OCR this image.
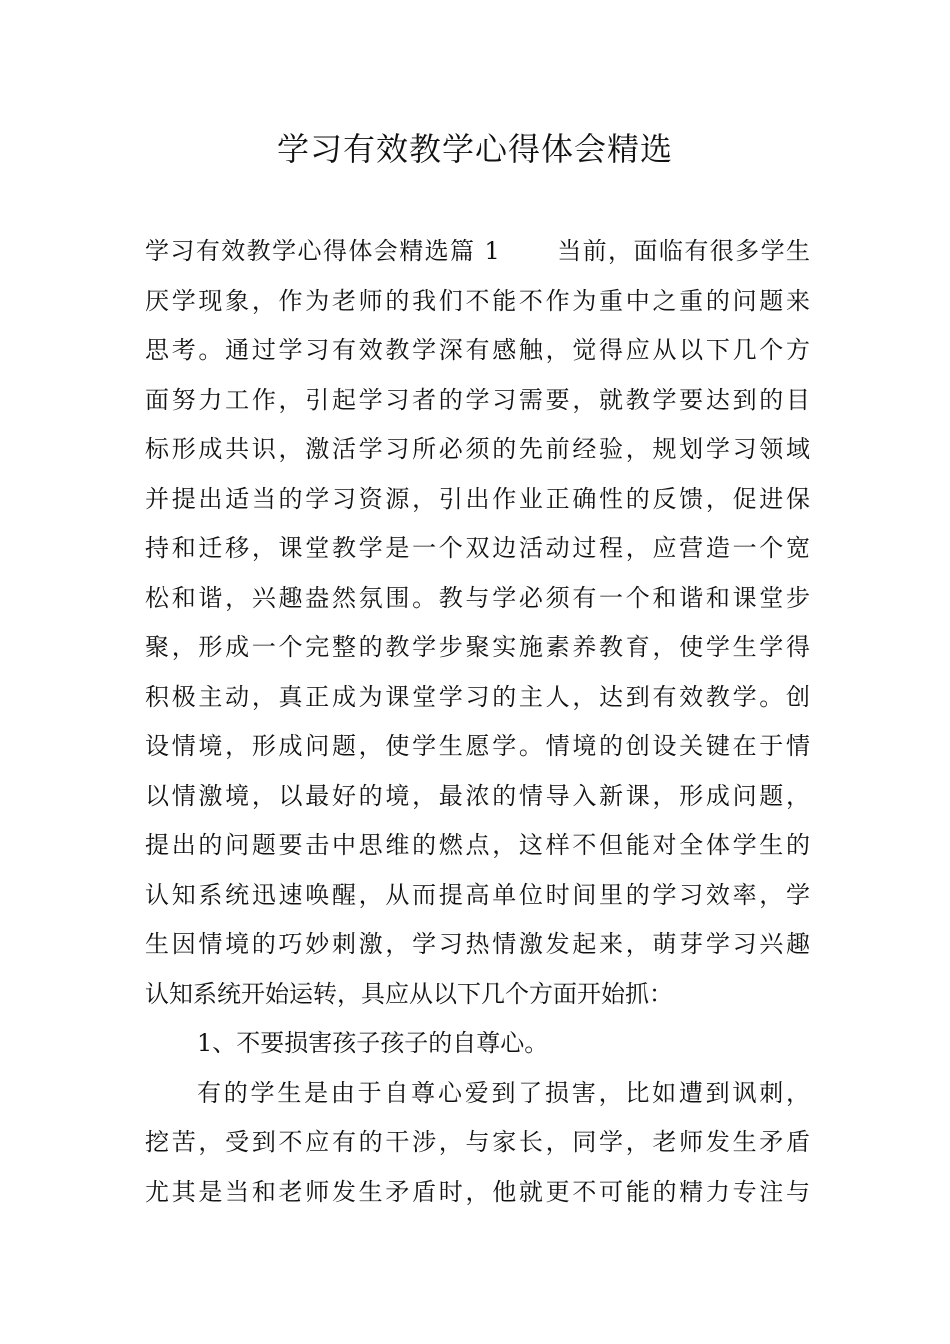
学习有效教学心得体会精选
学习有效教学心得体会精选篇 1 当前，面临有很多学生
厌学现象，作为老师的我们不能不作为重中之重的问题来
思考。通过学习有效教学深有感触，觉得应从以下几个方
面努力工作，引起学习者的学习需要，就教学要达到的目
标形成共识，激活学习所必须的先前经验，规划学习领域
并提出适当的学习资源，引出作业正确性的反馈，促进保
持和迁移，课堂教学是一个双边活动过程，应营造一个宽
松和谐，兴趣盎然氛围。教与学必须有一个和谐和课堂步
聚，形成一个完整的教学步聚实施素养教育，使学生学得
积极主动，真正成为课堂学习的主人，达到有效教学。创
设情境，形成问题，使学生愿学。情境的创设关键在于情
以情激境，以最好的境，最浓的情导入新课，形成问题，
提出的问题要击中思维的燃点，这样不但能对全体学生的
认知系统迅速唤醒，从而提高单位时间里的学习效率，学
生因情境的巧妙刺激，学习热情激发起来，萌芽学习兴趣
认知系统开始运转，具应从以下几个方面开始抓：
1、不要损害孩子孩子的自尊心。
有的学生是由于自尊心爱到了损害，比如遭到讽刺，
挖苦，受到不应有的干涉，与家长，同学，老师发生矛盾
尤其是当和老师发生矛盾时，他就更不可能的精力专注与
